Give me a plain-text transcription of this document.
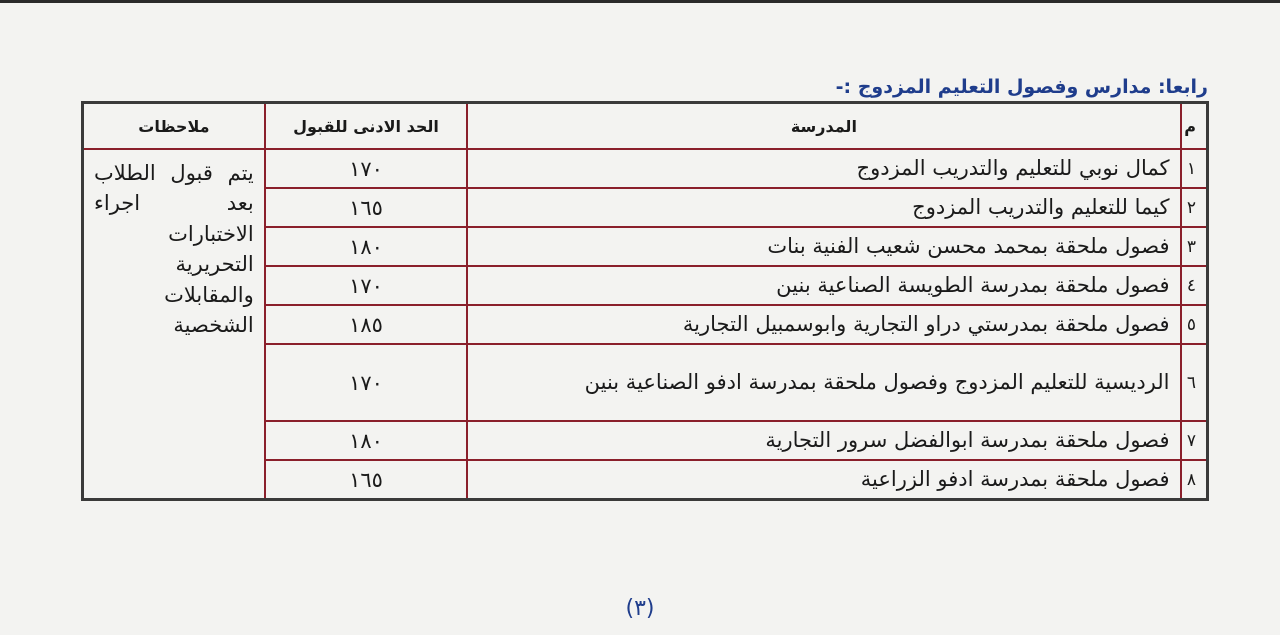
رابعا: مدارس وفصول التعليم المزدوج :-
م	المدرسة	الحد الادنى للقبول	ملاحظات
١	كمال نوبي للتعليم والتدريب المزدوج	١٧٠	يتم قبول الطلاب بعد اجراء الاختبارات التحريرية والمقابلات الشخصية
٢	كيما للتعليم والتدريب المزدوج	١٦٥	
٣	فصول ملحقة بمحمد محسن شعيب الفنية بنات	١٨٠	
٤	فصول ملحقة بمدرسة الطويسة الصناعية بنين	١٧٠	
٥	فصول ملحقة بمدرستي دراو التجارية وابوسمبيل التجارية	١٨٥	
٦	الرديسية للتعليم المزدوج وفصول ملحقة بمدرسة ادفو الصناعية بنين	١٧٠	
٧	فصول ملحقة بمدرسة ابوالفضل سرور التجارية	١٨٠	
٨	فصول ملحقة بمدرسة ادفو الزراعية	١٦٥	
(٣)
